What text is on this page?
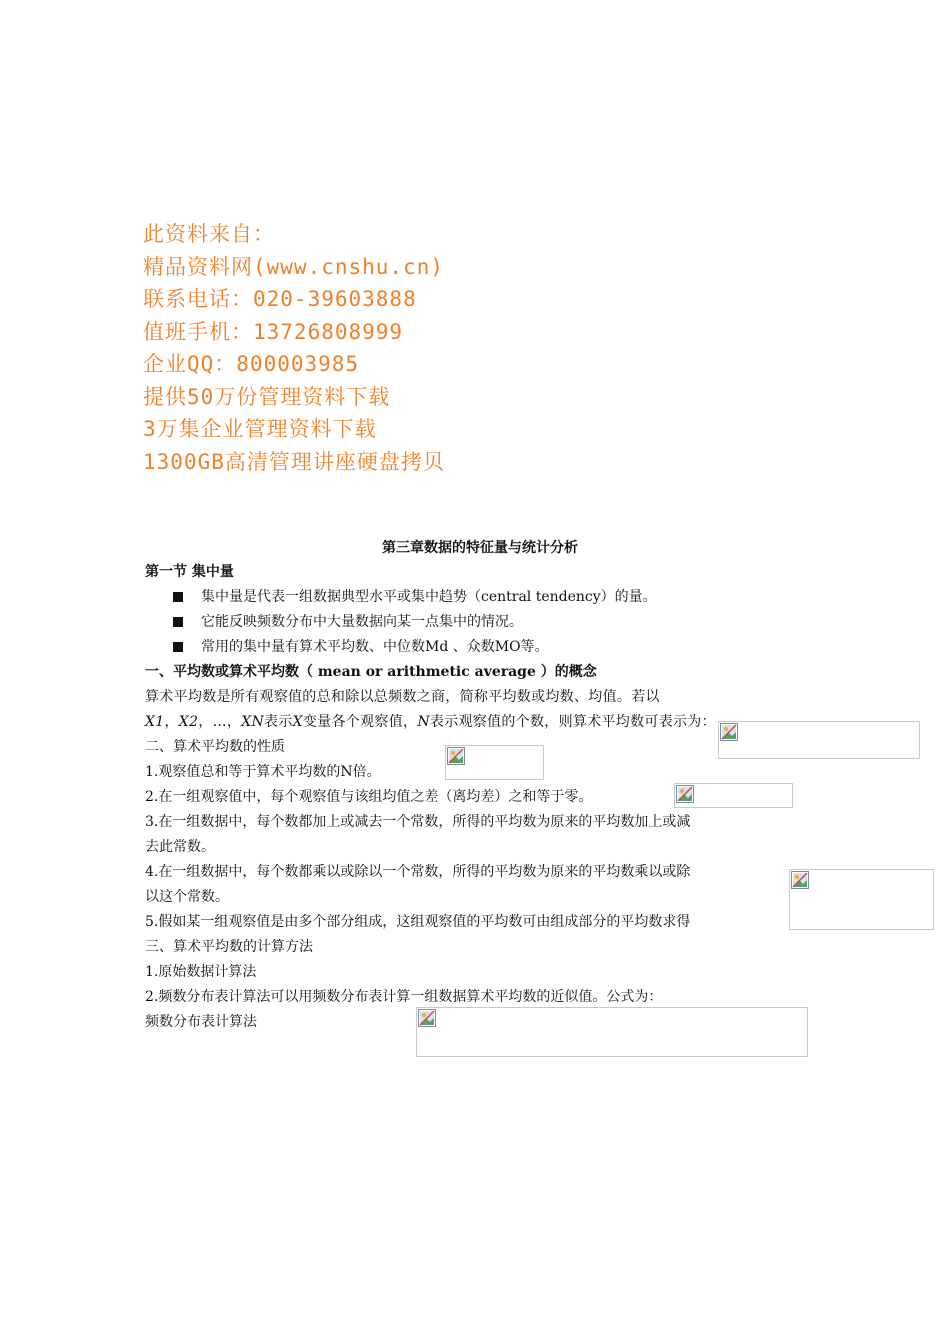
此资料来自：
精品资料网(www.cnshu.cn)
联系电话：020-39603888
值班手机：13726808999
企业QQ：800003985
提供50万份管理资料下载
3万集企业管理资料下载
1300GB高清管理讲座硬盘拷贝
第三章数据的特征量与统计分析
第一节 集中量
集中量是代表一组数据典型水平或集中趋势（central tendency）的量。
它能反映频数分布中大量数据向某一点集中的情况。
常用的集中量有算术平均数、中位数Md 、众数MO等。
一、平均数或算术平均数（ mean or arithmetic average ）的概念
算术平均数是所有观察值的总和除以总频数之商，简称平均数或均数、均值。若以
X1，X2，…，XN表示X变量各个观察值，N表示观察值的个数，则算术平均数可表示为：
二、算术平均数的性质
1.观察值总和等于算术平均数的N倍。
2.在一组观察值中，每个观察值与该组均值之差（离均差）之和等于零。
3.在一组数据中，每个数都加上或减去一个常数，所得的平均数为原来的平均数加上或减
去此常数。
4.在一组数据中，每个数都乘以或除以一个常数，所得的平均数为原来的平均数乘以或除
以这个常数。
5.假如某一组观察值是由多个部分组成，这组观察值的平均数可由组成部分的平均数求得
三、算术平均数的计算方法
1.原始数据计算法
2.频数分布表计算法可以用频数分布表计算一组数据算术平均数的近似值。公式为：
频数分布表计算法
